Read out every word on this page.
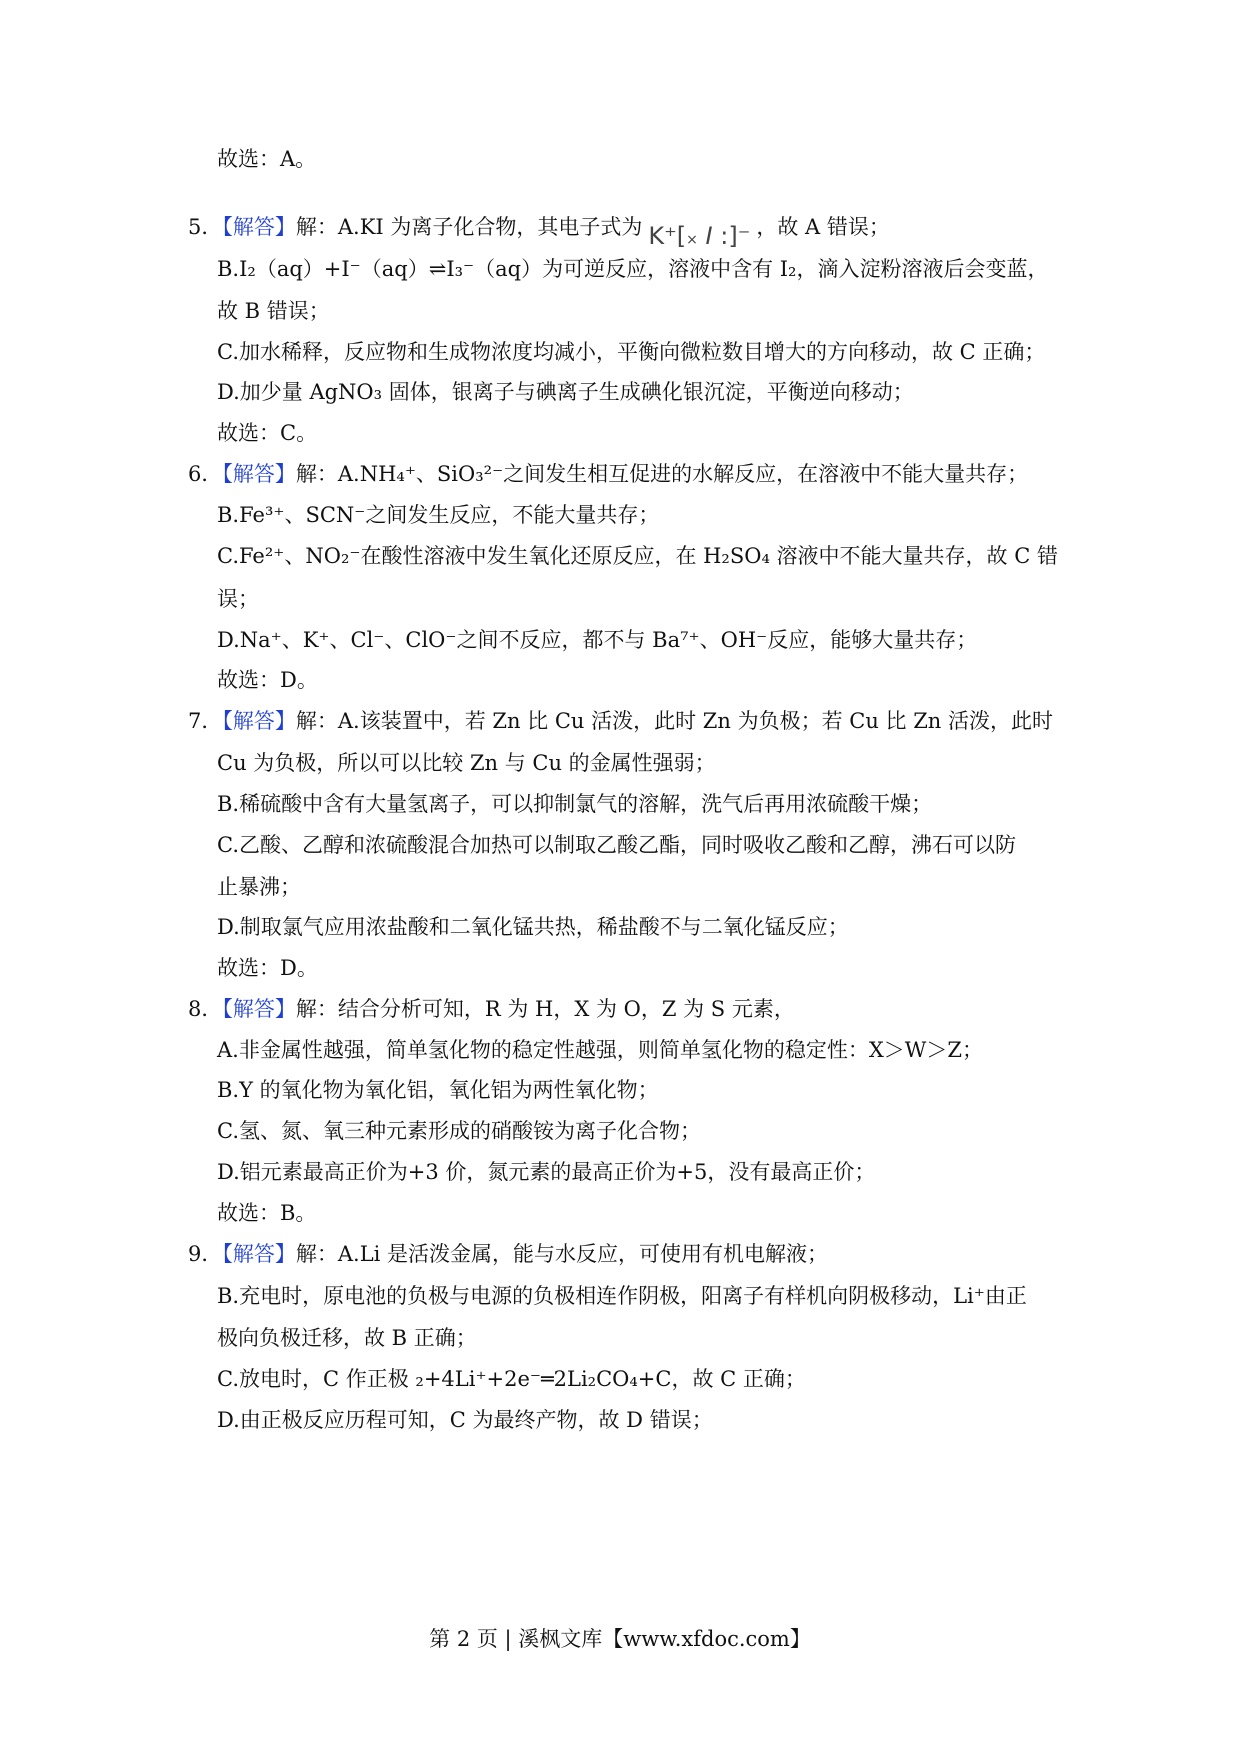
故选：A。
5．【解答】解：A.KI 为离子化合物，其电子式为 K⁺[× I :]⁻ ，故 A 错误；
B.I₂（aq）+I⁻（aq）⇌I₃⁻（aq）为可逆反应，溶液中含有 I₂，滴入淀粉溶液后会变蓝，
故 B 错误；
C.加水稀释，反应物和生成物浓度均减小，平衡向微粒数目增大的方向移动，故 C 正确；
D.加少量 AgNO₃ 固体，银离子与碘离子生成碘化银沉淀，平衡逆向移动；
故选：C。
6．【解答】解：A.NH₄⁺、SiO₃²⁻之间发生相互促进的水解反应，在溶液中不能大量共存；
B.Fe³⁺、SCN⁻之间发生反应，不能大量共存；
C.Fe²⁺、NO₂⁻在酸性溶液中发生氧化还原反应，在 H₂SO₄ 溶液中不能大量共存，故 C 错
误；
D.Na⁺、K⁺、Cl⁻、ClO⁻之间不反应，都不与 Ba⁷⁺、OH⁻反应，能够大量共存；
故选：D。
7．【解答】解：A.该装置中，若 Zn 比 Cu 活泼，此时 Zn 为负极；若 Cu 比 Zn 活泼，此时
Cu 为负极，所以可以比较 Zn 与 Cu 的金属性强弱；
B.稀硫酸中含有大量氢离子，可以抑制氯气的溶解，洗气后再用浓硫酸干燥；
C.乙酸、乙醇和浓硫酸混合加热可以制取乙酸乙酯，同时吸收乙酸和乙醇，沸石可以防
止暴沸；
D.制取氯气应用浓盐酸和二氧化锰共热，稀盐酸不与二氧化锰反应；
故选：D。
8．【解答】解：结合分析可知，R 为 H，X 为 O，Z 为 S 元素，
A.非金属性越强，简单氢化物的稳定性越强，则简单氢化物的稳定性：X＞W＞Z；
B.Y 的氧化物为氧化铝，氧化铝为两性氧化物；
C.氢、氮、氧三种元素形成的硝酸铵为离子化合物；
D.铝元素最高正价为+3 价，氮元素的最高正价为+5，没有最高正价；
故选：B。
9．【解答】解：A.Li 是活泼金属，能与水反应，可使用有机电解液；
B.充电时，原电池的负极与电源的负极相连作阴极，阳离子有样机向阴极移动，Li⁺由正
极向负极迁移，故 B 正确；
C.放电时，C 作正极 ₂+4Li⁺+2e⁻═2Li₂CO₄+C，故 C 正确；
D.由正极反应历程可知，C 为最终产物，故 D 错误；
第 2 页 | 溪枫文库【www.xfdoc.com】
